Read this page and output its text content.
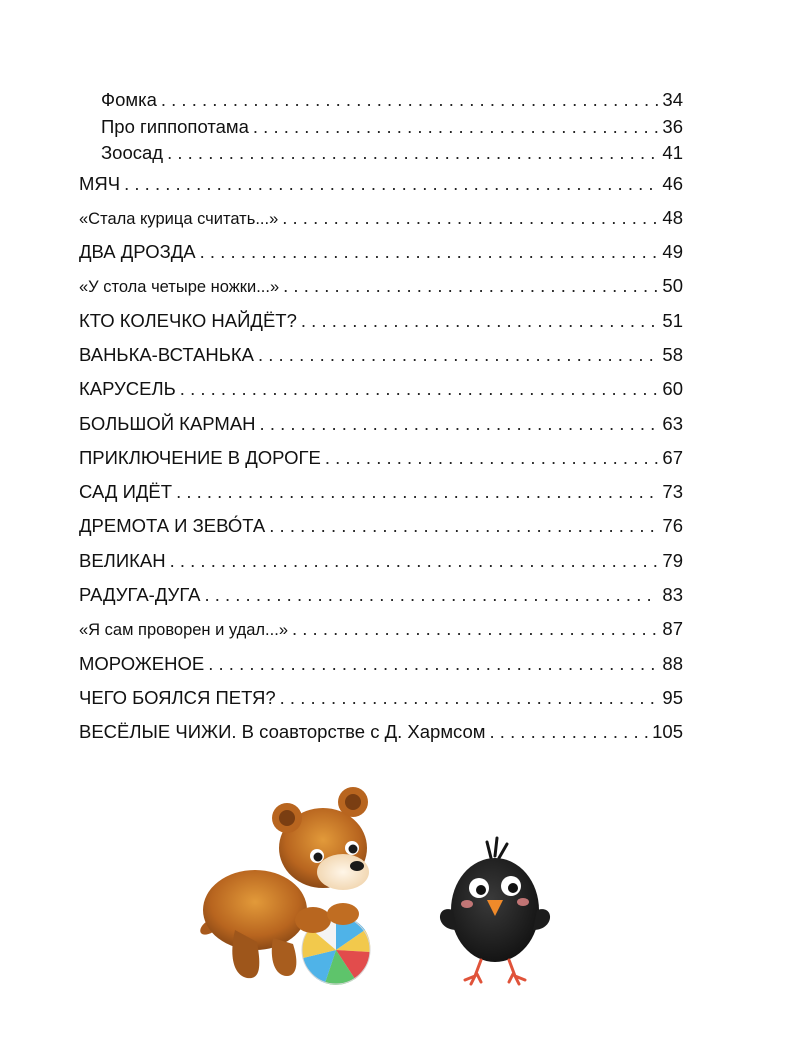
Фомка . . .	34
Про гиппопотама . . .	36
Зоосад . . .	41
МЯЧ . . .	46
«Стала курица считать...» . . .	48
ДВА ДРОЗДА . . .	49
«У стола четыре ножки...» . . .	50
КТО КОЛЕЧКО НАЙДЁТ? . . .	51
ВАНЬКА-ВСТАНЬКА . . .	58
КАРУСЕЛЬ . . .	60
БОЛЬШОЙ КАРМАН . . .	63
ПРИКЛЮЧЕНИЕ В ДОРОГЕ . . .	67
САД ИДЁТ . . .	73
ДРЕМОТА И ЗЕВО́ТА . . .	76
ВЕЛИКАН . . .	79
РАДУГА-ДУГА . . .	83
«Я сам проворен и удал...» . . .	87
МОРОЖЕНОЕ . . .	88
ЧЕГО БОЯЛСЯ ПЕТЯ? . . .	95
ВЕСЁЛЫЕ ЧИЖИ. В соавторстве с Д. Хармсом . . .	105
